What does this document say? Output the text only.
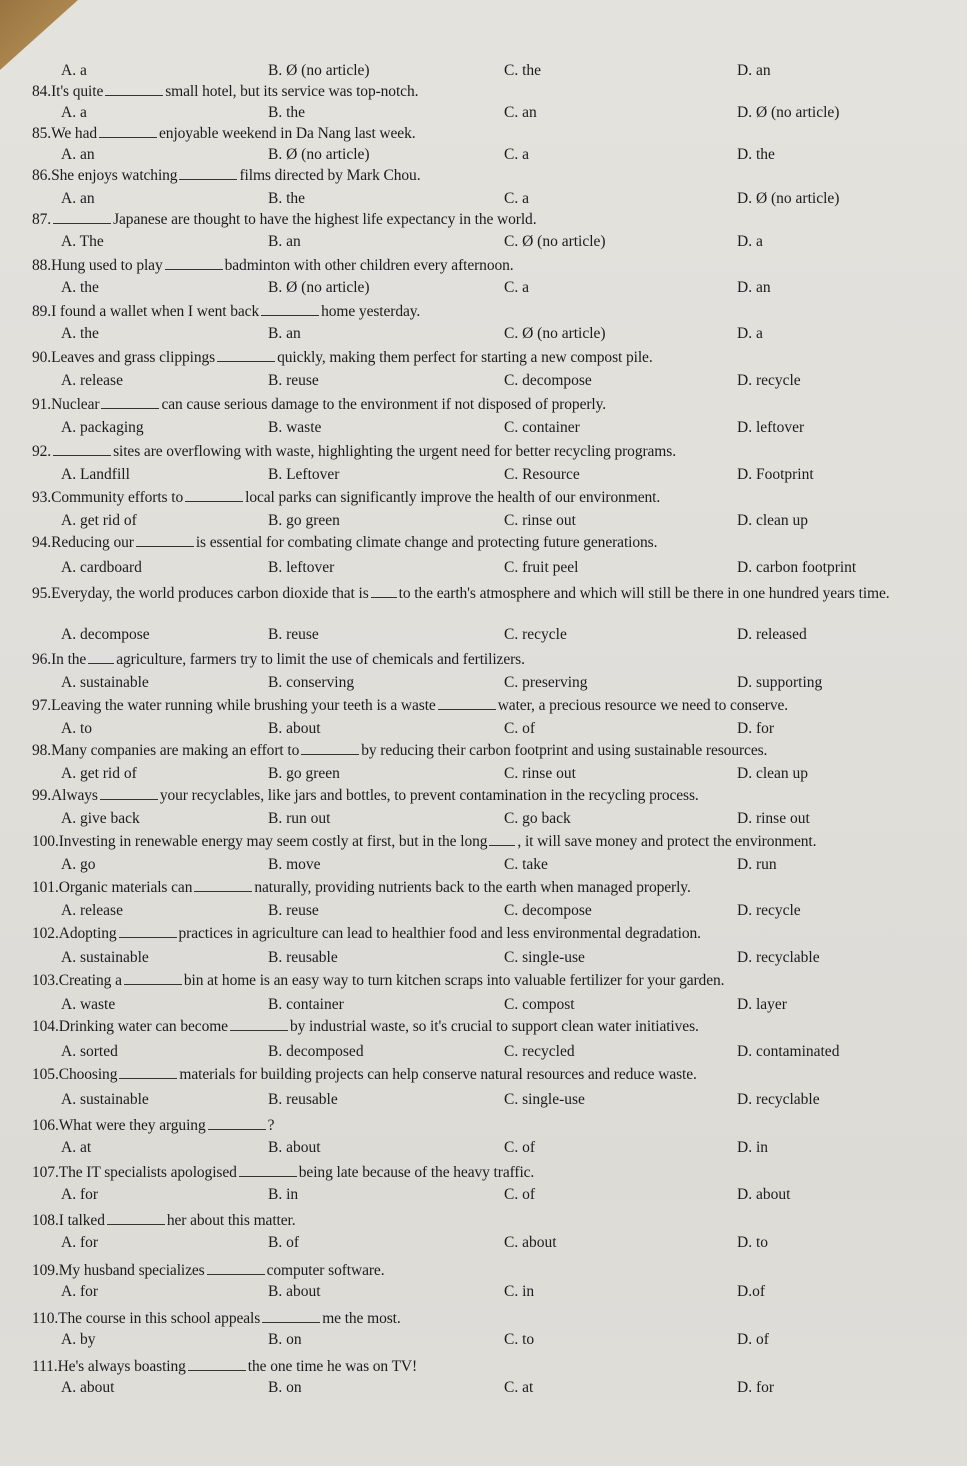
A. a	B. Ø (no article)	C. the	D. an
84.It's quite	small hotel, but its service was top-notch.
A. a	B. the	C. an	D. Ø (no article)
85.We had	enjoyable weekend in Da Nang last week.
A. an	B. Ø (no article)	C. a	D. the
86.She enjoys watching	films directed by Mark Chou.
A. an	B. the	C. a	D. Ø (no article)
87.	Japanese are thought to have the highest life expectancy in the world.
A. The	B. an	C. Ø (no article)	D. a
88.Hung used to play	badminton with other children every afternoon.
A. the	B. Ø (no article)	C. a	D. an
89.I found a wallet when I went back	home yesterday.
A. the	B. an	C. Ø (no article)	D. a
90.Leaves and grass clippings	quickly, making them perfect for starting a new compost pile.
A. release	B. reuse	C. decompose	D. recycle
91.Nuclear	can cause serious damage to the environment if not disposed of properly.
A. packaging	B. waste	C. container	D. leftover
92.	sites are overflowing with waste, highlighting the urgent need for better recycling programs.
A. Landfill	B. Leftover	C. Resource	D. Footprint
93.Community efforts to	local parks can significantly improve the health of our environment.
A. get rid of	B. go green	C. rinse out	D. clean up
94.Reducing our	is essential for combating climate change and protecting future generations.
A. cardboard	B. leftover	C. fruit peel	D. carbon footprint
95.Everyday, the world produces carbon dioxide that is to the earth's atmosphere and which will still be there in one hundred years time.
A. decompose	B. reuse	C. recycle	D. released
96.In the agriculture, farmers try to limit the use of chemicals and fertilizers.
A. sustainable	B. conserving	C. preserving	D. supporting
97.Leaving the water running while brushing your teeth is a waste	water, a precious resource we need to conserve.
A. to	B. about	C. of	D. for
98.Many companies are making an effort to	by reducing their carbon footprint and using sustainable resources.
A. get rid of	B. go green	C. rinse out	D. clean up
99.Always	your recyclables, like jars and bottles, to prevent contamination in the recycling process.
A. give back	B. run out	C. go back	D. rinse out
100.Investing in renewable energy may seem costly at first, but in the long , it will save money and protect the environment.
A. go	B. move	C. take	D. run
101.Organic materials can	naturally, providing nutrients back to the earth when managed properly.
A. release	B. reuse	C. decompose	D. recycle
102.Adopting	practices in agriculture can lead to healthier food and less environmental degradation.
A. sustainable	B. reusable	C. single-use	D. recyclable
103.Creating a	bin at home is an easy way to turn kitchen scraps into valuable fertilizer for your garden.
A. waste	B. container	C. compost	D. layer
104.Drinking water can become	by industrial waste, so it's crucial to support clean water initiatives.
A. sorted	B. decomposed	C. recycled	D. contaminated
105.Choosing	materials for building projects can help conserve natural resources and reduce waste.
A. sustainable	B. reusable	C. single-use	D. recyclable
106.What were they arguing	?
A. at	B. about	C. of	D. in
107.The IT specialists apologised	being late because of the heavy traffic.
A. for	B. in	C. of	D. about
108.I talked	her about this matter.
A. for	B. of	C. about	D. to
109.My husband specializes	computer software.
A. for	B. about	C. in	D.of
110.The course in this school appeals	me the most.
A. by	B. on	C. to	D. of
111.He's always boasting	the one time he was on TV!
A. about	B. on	C. at	D. for
